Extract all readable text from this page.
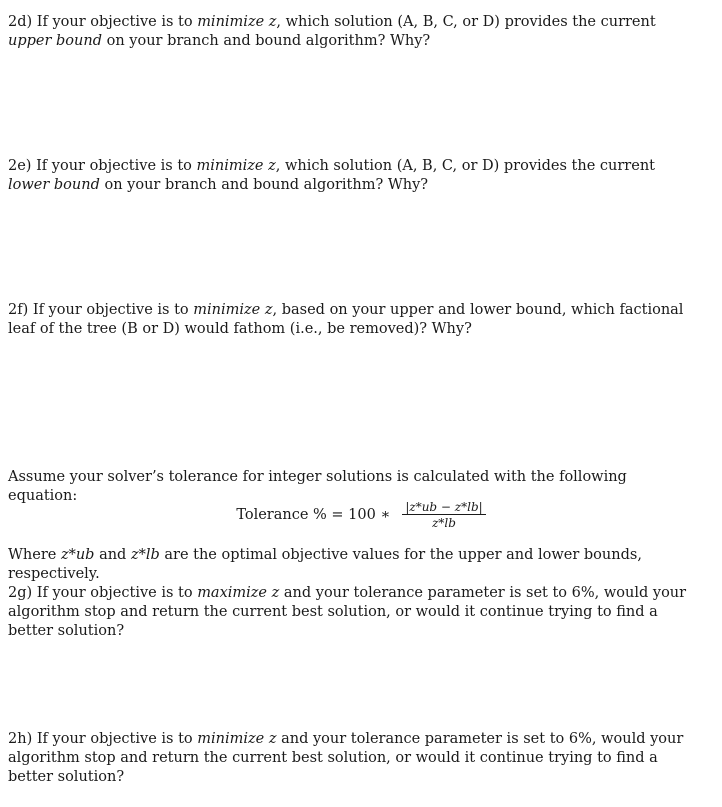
2d) If your objective is to minimize z, which solution (A, B, C, or D) provides the current upper bound on your branch and bound algorithm? Why?
2e) If your objective is to minimize z, which solution (A, B, C, or D) provides the current lower bound on your branch and bound algorithm? Why?
2f) If your objective is to minimize z, based on your upper and lower bound, which factional leaf of the tree (B or D) would fathom (i.e., be removed)? Why?
Assume your solver’s tolerance for integer solutions is calculated with the following equation:
Tolerance % = 100 ∗ $\frac{|z*ub - z*lb|}{z*lb}$
Where z*ub and z*lb are the optimal objective values for the upper and lower bounds, respectively.
2g) If your objective is to maximize z and your tolerance parameter is set to 6%, would your algorithm stop and return the current best solution, or would it continue trying to find a better solution?
2h) If your objective is to minimize z and your tolerance parameter is set to 6%, would your algorithm stop and return the current best solution, or would it continue trying to find a better solution?
